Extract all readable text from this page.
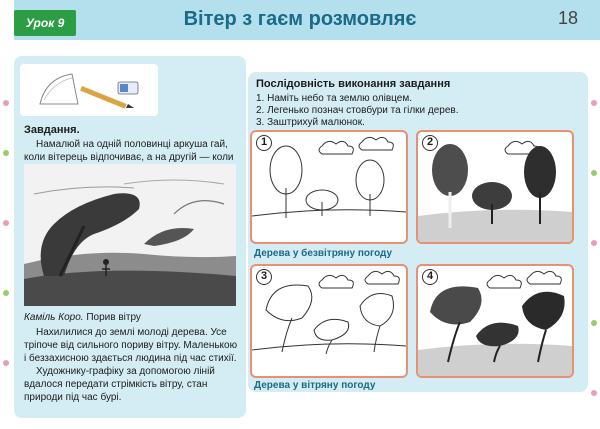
Урок 9	Вітер з гаєм розмовляє	18
Завдання.
Намалюй на одній половинці аркуша гай, коли вітерець відпочиває, а на другій — коли
Каміль Коро. Порив вітру

Нахилилися до землі молоді дерева. Усе тріпоче від сильного пориву вітру. Маленькою і беззахисною здається людина під час стихії.

Художнику-графіку за допомогою ліній вдалося передати стрімкість вітру, стан природи під час бурі.

Послідовність виконання завдання
1. Наміть небо та землю олівцем.
2. Легенько познач стовбури та гілки дерев.
3. Заштрихуй малюнок.
1	2
Дерева у безвітряну погоду
3	4
Дерева у вітряну погоду
